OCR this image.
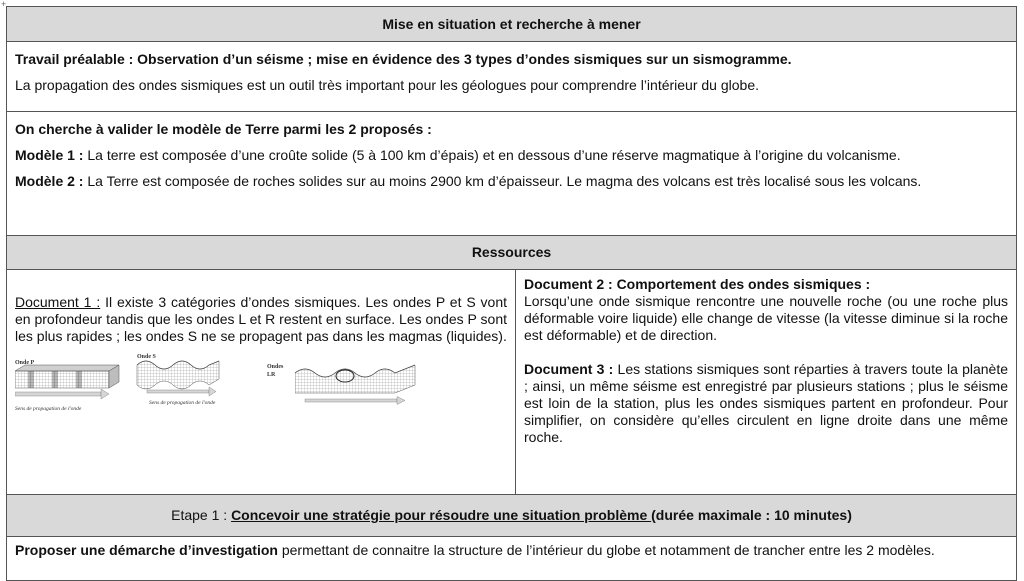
+
Mise en situation et recherche à mener

Travail préalable : Observation d’un séisme ; mise en évidence des 3 types d’ondes sismiques sur un sismogramme.

La propagation des ondes sismiques est un outil très important pour les géologues pour comprendre l’intérieur du globe.

On cherche à valider le modèle de Terre parmi les 2 proposés :

Modèle 1 : La terre est composée d’une croûte solide (5 à 100 km d’épais) et en dessous d’une réserve magmatique à l’origine du volcanisme.

Modèle 2 : La Terre est composée de roches solides sur au moins 2900 km d’épaisseur. Le magma des volcans est très localisé sous les volcans.

Ressources

Document 1 : Il existe 3 catégories d’ondes sismiques. Les ondes P et S vont en profondeur tandis que les ondes L et R restent en surface. Les ondes P sont les plus rapides ; les ondes S ne se propagent pas dans les magmas (liquides).

Onde P
Sens de propagation de l'onde
Onde S
Sens de propagation de l'onde
Ondes
LR

Document 2 : Comportement des ondes sismiques :

Lorsqu’une onde sismique rencontre une nouvelle roche (ou une roche plus déformable voire liquide) elle change de vitesse (la vitesse diminue si la roche est déformable) et de direction.

Document 3 : Les stations sismiques sont réparties à travers toute la planète ; ainsi, un même séisme est enregistré par plusieurs stations ; plus le séisme est loin de la station, plus les ondes sismiques partent en profondeur. Pour simplifier, on considère qu’elles circulent en ligne droite dans une même roche.

Etape 1 : Concevoir une stratégie pour résoudre une situation problème (durée maximale : 10 minutes)

Proposer une démarche d’investigation permettant de connaitre la structure de l’intérieur du globe et notamment de trancher entre les 2 modèles.
